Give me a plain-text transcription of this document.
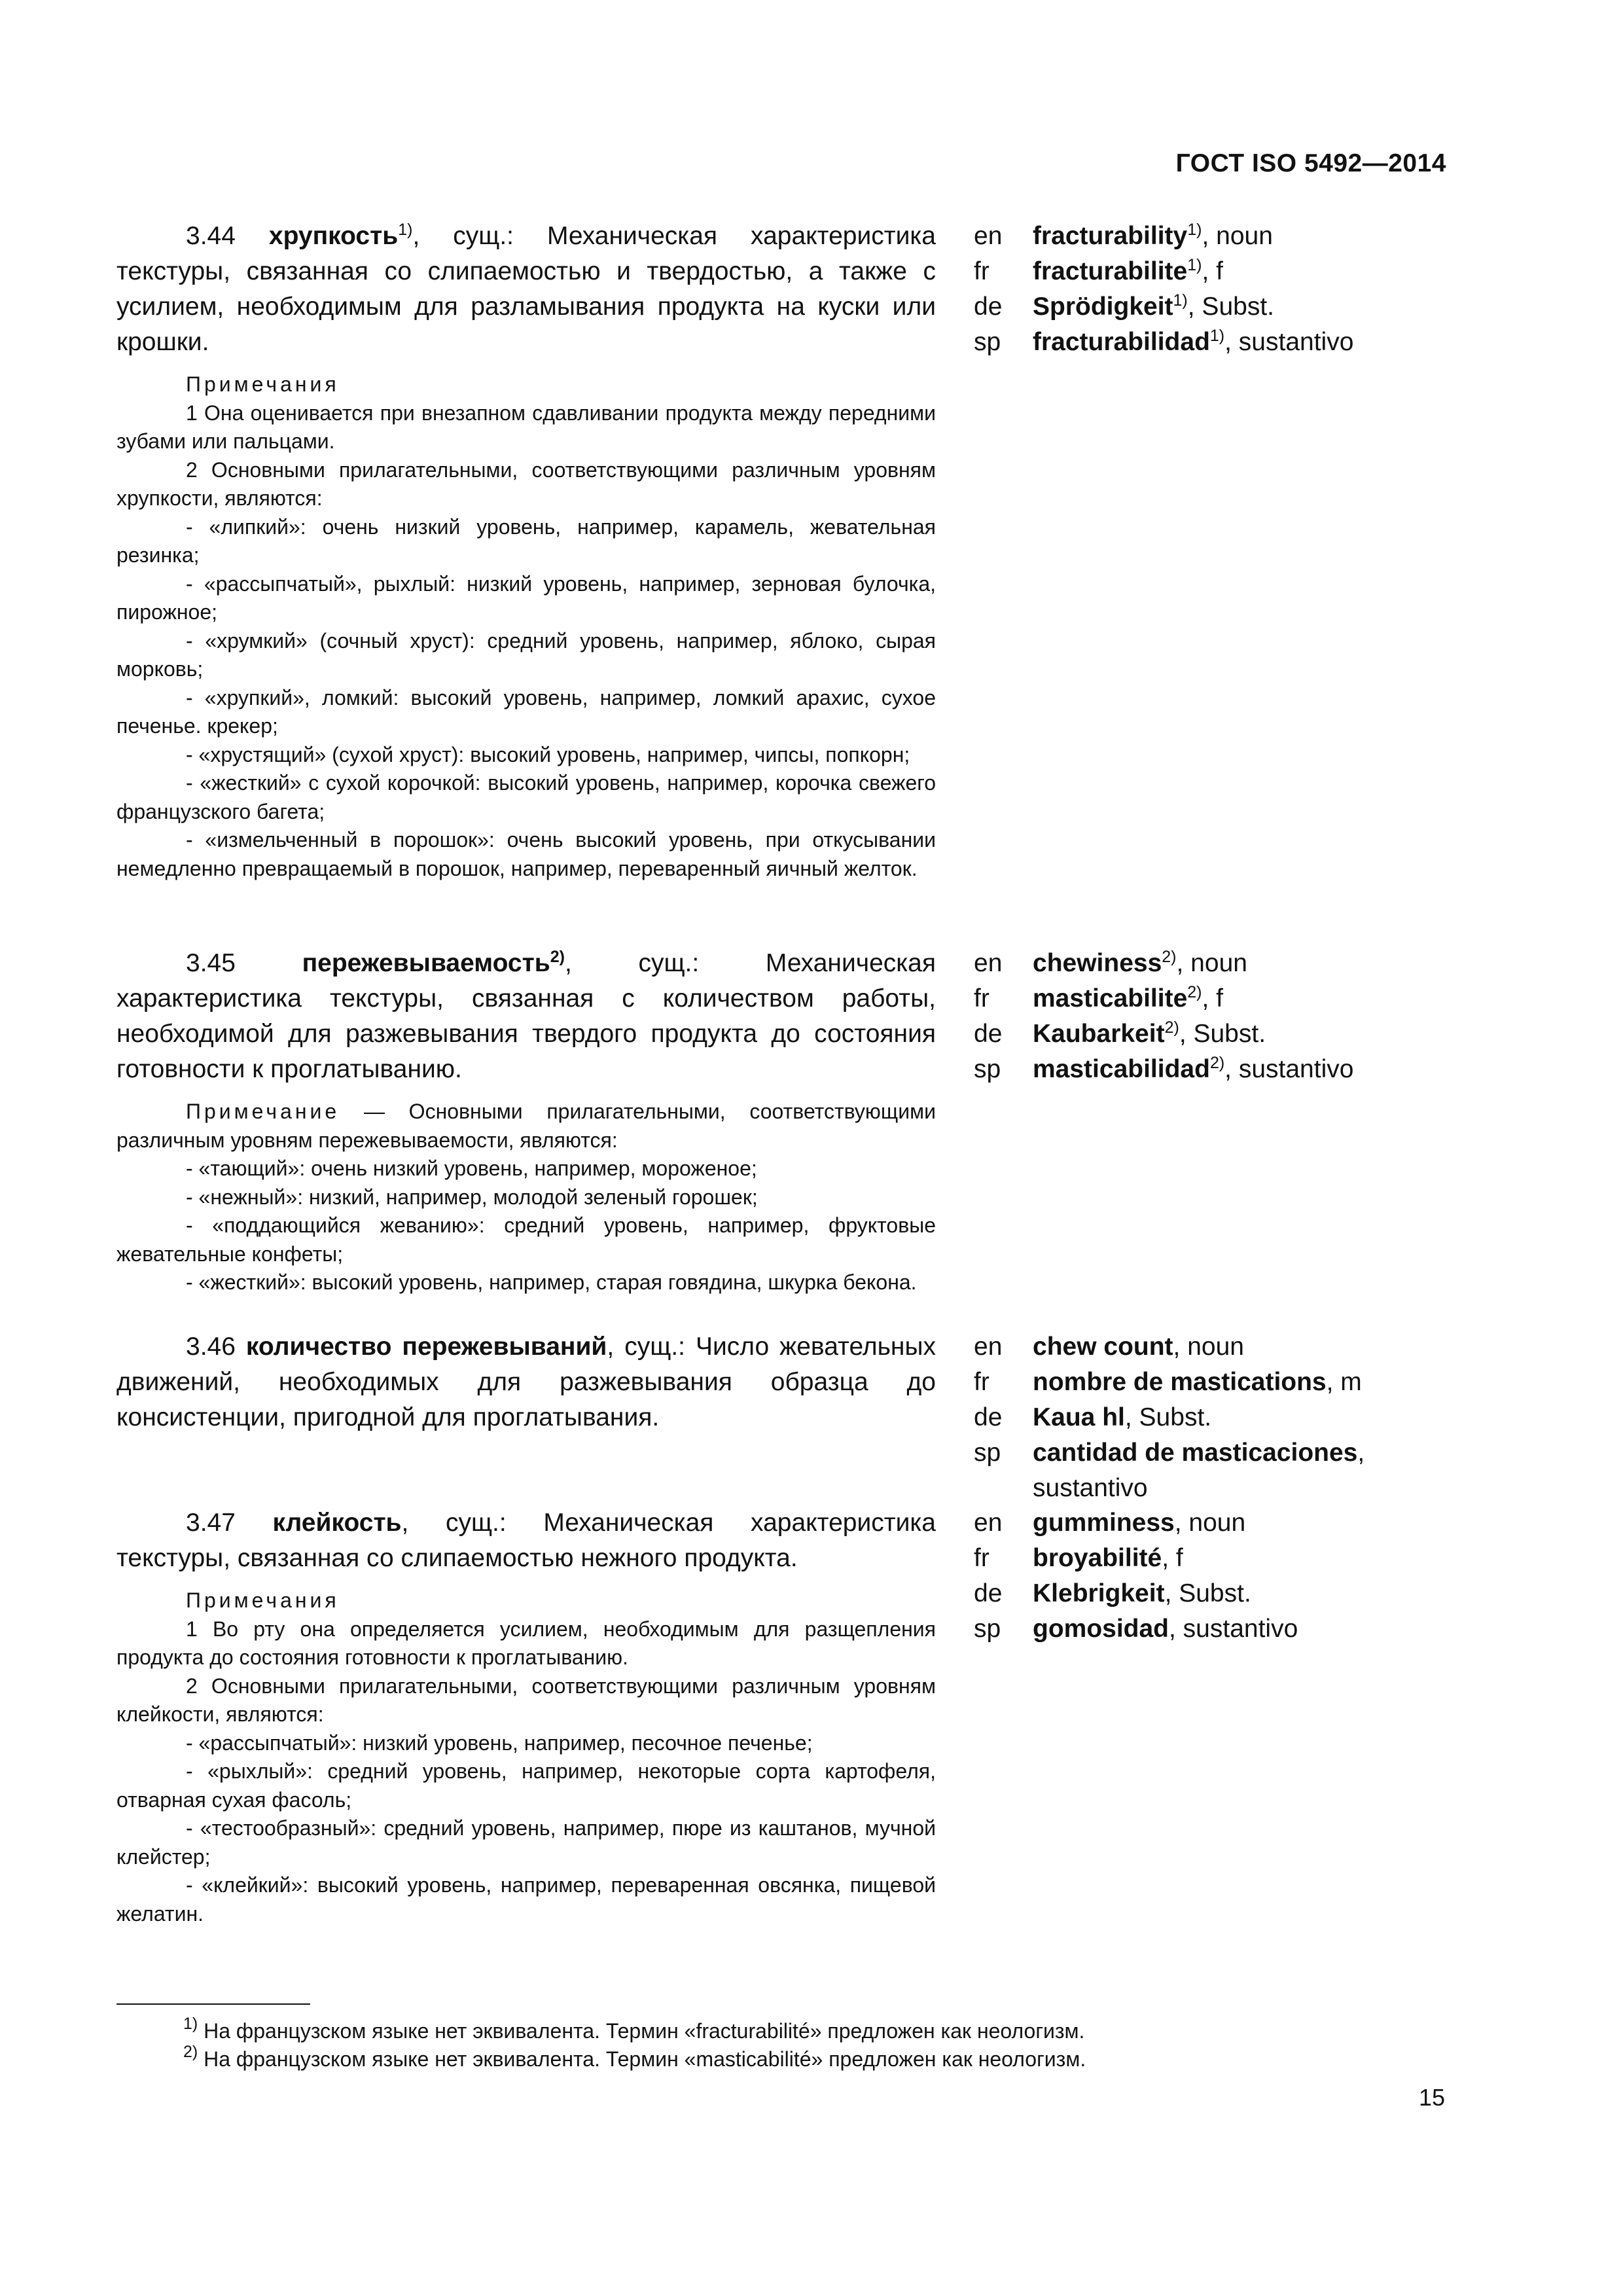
ГОСТ ISO 5492—2014

3.44 хрупкость$^{1)}$, сущ.: Механическая характеристика текстуры, связанная со слипаемостью и твердостью, а также с усилием, необходимым для разламывания продукта на куски или крошки.

Примечания

1 Она оценивается при внезапном сдавливании продукта между передними зубами или пальцами.

2 Основными прилагательными, соответствующими различным уровням хрупкости, являются:

- «липкий»: очень низкий уровень, например, карамель, жевательная резинка;

- «рассыпчатый», рыхлый: низкий уровень, например, зерновая булочка, пирожное;

- «хрумкий» (сочный хруст): средний уровень, например, яблоко, сырая морковь;

- «хрупкий», ломкий: высокий уровень, например, ломкий арахис, сухое печенье. крекер;

- «хрустящий» (сухой хруст): высокий уровень, например, чипсы, попкорн;

- «жесткий» с сухой корочкой: высокий уровень, например, корочка свежего французского багета;

- «измельченный в порошок»: очень высокий уровень, при откусывании немедленно превращаемый в порошок, например, переваренный яичный желток.

en	fracturability$^{1)}$, noun
fr	fracturabilite$^{1)}$, f
de	Sprödigkeit$^{1)}$, Subst.
sp	fracturabilidad$^{1)}$, sustantivo

3.45	пережевываемость$^{2)}$, сущ.: Механическая характеристика текстуры, связанная с количеством работы, необходимой для разжевывания твердого продукта до состояния готовности к проглатыванию.

Примечание — Основными прилагательными, соответствующими различным уровням пережевываемости, являются:

- «тающий»: очень низкий уровень, например, мороженое;

- «нежный»: низкий, например, молодой зеленый горошек;

- «поддающийся жеванию»: средний уровень, например, фруктовые жевательные конфеты;

- «жесткий»: высокий уровень, например, старая говядина, шкурка бекона.

en	chewiness$^{2)}$, noun
fr	masticabilite$^{2)}$, f
de	Kaubarkeit$^{2)}$, Subst.
sp	masticabilidad$^{2)}$, sustantivo

3.46 количество пережевываний, сущ.: Число жевательных движений, необходимых для разжевывания образца до консистенции, пригодной для проглатывания.

en	chew count, noun
fr	nombre de mastications, m
de	Kaua hl, Subst.
sp	cantidad de masticaciones, sustantivo

3.47 клейкость, сущ.: Механическая характеристика текстуры, связанная со слипаемостью нежного продукта.

Примечания

1 Во рту она определяется усилием, необходимым для разщепления продукта до состояния готовности к проглатыванию.

2 Основными прилагательными, соответствующими различным уровням клейкости, являются:

- «рассыпчатый»: низкий уровень, например, песочное печенье;

- «рыхлый»: средний уровень, например, некоторые сорта картофеля, отварная сухая фасоль;

- «тестообразный»: средний уровень, например, пюре из каштанов, мучной клейстер;

- «клейкий»: высокий уровень, например, переваренная овсянка, пищевой желатин.

en	gumminess, noun
fr	broyabilité, f
de	Klebrigkeit, Subst.
sp	gomosidad, sustantivo
$^{1)}$ На французском языке нет эквивалента. Термин «fracturabilité» предложен как неологизм.
$^{2)}$ На французском языке нет эквивалента. Термин «masticabilité» предложен как неологизм.
15
